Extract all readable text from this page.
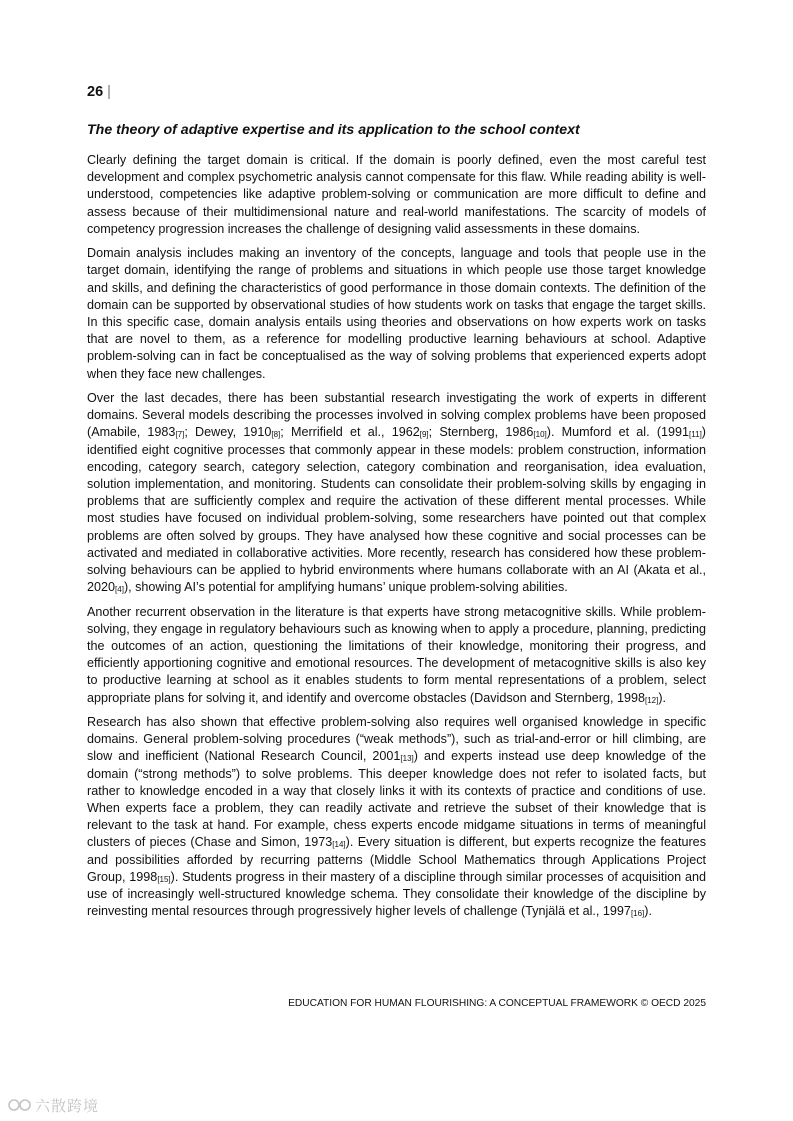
26 |
The theory of adaptive expertise and its application to the school context

Clearly defining the target domain is critical. If the domain is poorly defined, even the most careful test development and complex psychometric analysis cannot compensate for this flaw. While reading ability is well-understood, competencies like adaptive problem-solving or communication are more difficult to define and assess because of their multidimensional nature and real-world manifestations. The scarcity of models of competency progression increases the challenge of designing valid assessments in these domains.

Domain analysis includes making an inventory of the concepts, language and tools that people use in the target domain, identifying the range of problems and situations in which people use those target knowledge and skills, and defining the characteristics of good performance in those domain contexts. The definition of the domain can be supported by observational studies of how students work on tasks that engage the target skills. In this specific case, domain analysis entails using theories and observations on how experts work on tasks that are novel to them, as a reference for modelling productive learning behaviours at school. Adaptive problem-solving can in fact be conceptualised as the way of solving problems that experienced experts adopt when they face new challenges.

Over the last decades, there has been substantial research investigating the work of experts in different domains. Several models describing the processes involved in solving complex problems have been proposed (Amabile, $1983_{[7]}$; Dewey, $1910_{[8]}$; Merrifield et al., $1962_{[9]}$; Sternberg, $1986_{[10]}$). Mumford et al. $(1991_{[11]})$ identified eight cognitive processes that commonly appear in these models: problem construction, information encoding, category search, category selection, category combination and reorganisation, idea evaluation, solution implementation, and monitoring. Students can consolidate their problem-solving skills by engaging in problems that are sufficiently complex and require the activation of these different mental processes. While most studies have focused on individual problem-solving, some researchers have pointed out that complex problems are often solved by groups. They have analysed how these cognitive and social processes can be activated and mediated in collaborative activities. More recently, research has considered how these problem-solving behaviours can be applied to hybrid environments where humans collaborate with an AI (Akata et al., $2020_{[4]}$), showing AI’s potential for amplifying humans’ unique problem-solving abilities.

Another recurrent observation in the literature is that experts have strong metacognitive skills. While problem-solving, they engage in regulatory behaviours such as knowing when to apply a procedure, planning, predicting the outcomes of an action, questioning the limitations of their knowledge, monitoring their progress, and efficiently apportioning cognitive and emotional resources. The development of metacognitive skills is also key to productive learning at school as it enables students to form mental representations of a problem, select appropriate plans for solving it, and identify and overcome obstacles (Davidson and Sternberg, $1998_{[12]}$).

Research has also shown that effective problem-solving also requires well organised knowledge in specific domains. General problem-solving procedures (“weak methods”), such as trial-and-error or hill climbing, are slow and inefficient (National Research Council, $2001_{[13]}$) and experts instead use deep knowledge of the domain (“strong methods”) to solve problems. This deeper knowledge does not refer to isolated facts, but rather to knowledge encoded in a way that closely links it with its contexts of practice and conditions of use. When experts face a problem, they can readily activate and retrieve the subset of their knowledge that is relevant to the task at hand. For example, chess experts encode midgame situations in terms of meaningful clusters of pieces (Chase and Simon, $1973_{[14]}$). Every situation is different, but experts recognize the features and possibilities afforded by recurring patterns (Middle School Mathematics through Applications Project Group, $1998_{[15]}$). Students progress in their mastery of a discipline through similar processes of acquisition and use of increasingly well-structured knowledge schema. They consolidate their knowledge of the discipline by reinvesting mental resources through progressively higher levels of challenge (Tynjälä et al., $1997_{[16]}$).

EDUCATION FOR HUMAN FLOURISHING: A CONCEPTUAL FRAMEWORK © OECD 2025
六散跨境
